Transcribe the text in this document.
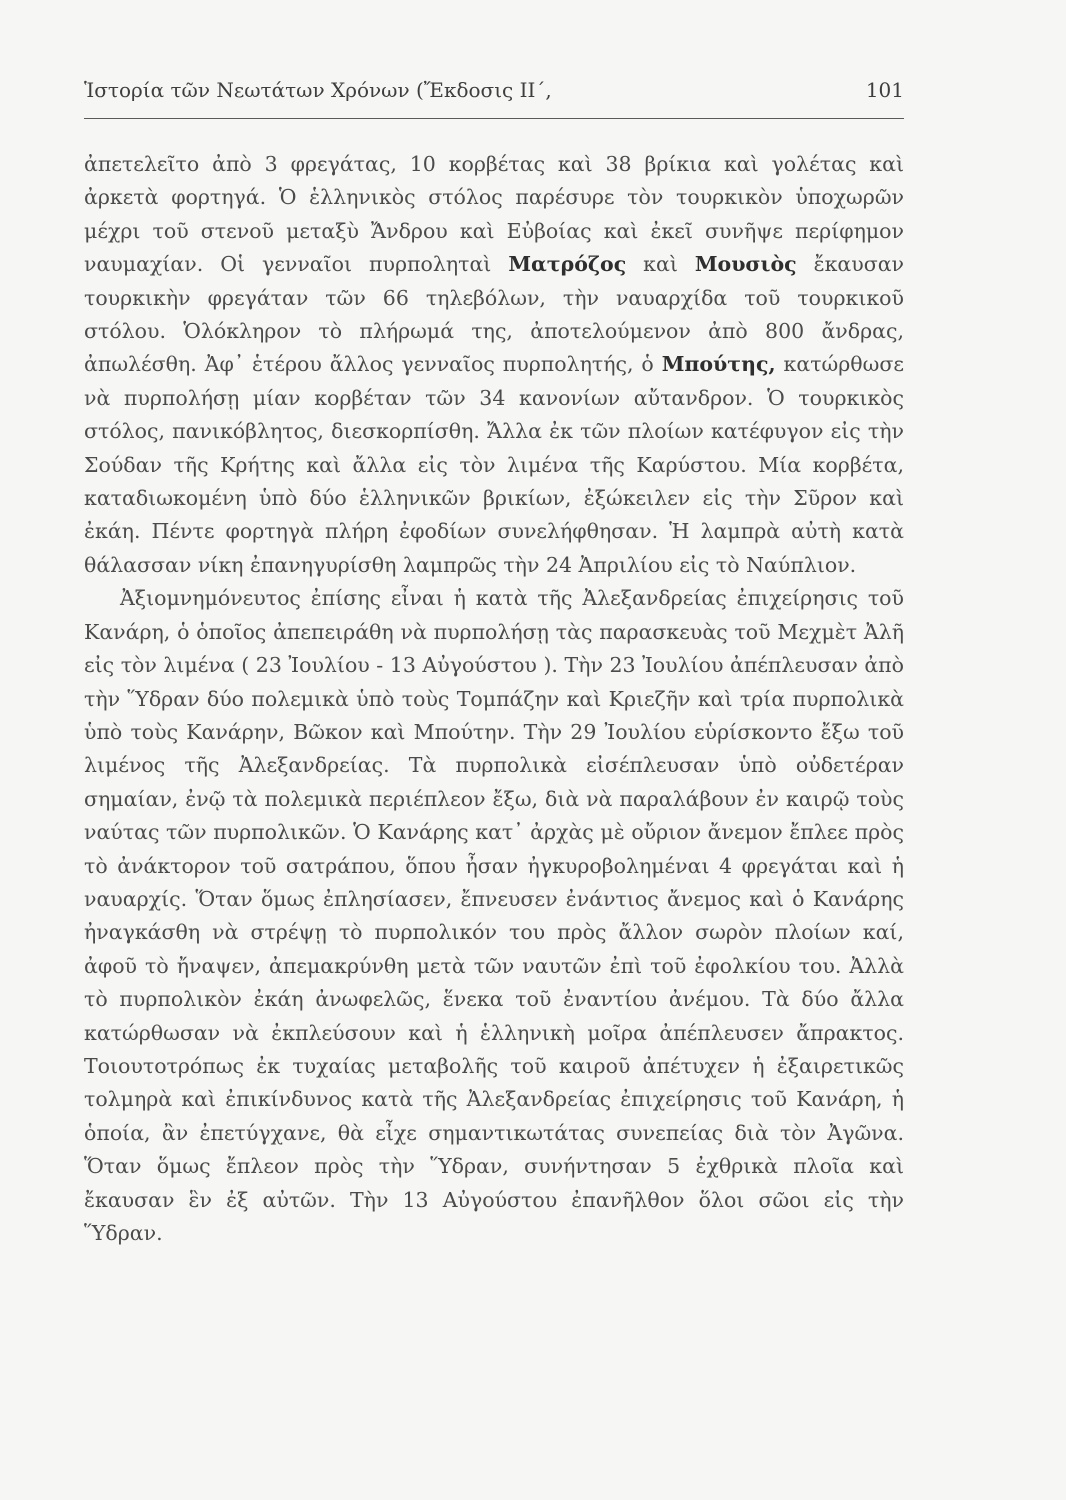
Ἱστορία τῶν Νεωτάτων Χρόνων (Ἔκδοσις II΄,	101

ἀπετελεῖτο ἀπὸ 3 φρεγάτας, 10 κορβέτας καὶ 38 βρίκια καὶ γολέτας καὶ ἀρκετὰ φορτηγά. Ὁ ἑλληνικὸς στόλος παρέσυρε τὸν τουρκικὸν ὑποχωρῶν μέχρι τοῦ στενοῦ μεταξὺ Ἄνδρου καὶ Εὐβοίας καὶ ἐκεῖ συνῆψε περίφημον ναυμαχίαν. Οἱ γενναῖοι πυρποληταὶ Ματρόζος καὶ Μουσιὸς ἔκαυσαν τουρκικὴν φρεγάταν τῶν 66 τηλεβόλων, τὴν ναυαρχίδα τοῦ τουρκικοῦ στόλου. Ὁλόκληρον τὸ πλήρωμά της, ἀποτελούμενον ἀπὸ 800 ἄνδρας, ἀπωλέσθη. Ἀφ᾽ ἑτέρου ἄλλος γενναῖος πυρπολητής, ὁ Μπούτης, κατώρθωσε νὰ πυρπολήσῃ μίαν κορβέταν τῶν 34 κανονίων αὔτανδρον. Ὁ τουρκικὸς στόλος, πανικόβλητος, διεσκορπίσθη. Ἄλλα ἐκ τῶν πλοίων κατέφυγον εἰς τὴν Σούδαν τῆς Κρήτης καὶ ἄλλα εἰς τὸν λιμένα τῆς Καρύστου. Μία κορβέτα, καταδιωκομένη ὑπὸ δύο ἑλληνικῶν βρικίων, ἐξώκειλεν εἰς τὴν Σῦρον καὶ ἐκάη. Πέντε φορτηγὰ πλήρη ἐφοδίων συνελήφθησαν. Ἡ λαμπρὰ αὐτὴ κατὰ θάλασσαν νίκη ἐπανηγυρίσθη λαμπρῶς τὴν 24 Ἀπριλίου εἰς τὸ Ναύπλιον.

Ἀξιομνημόνευτος ἐπίσης εἶναι ἡ κατὰ τῆς Ἀλεξανδρείας ἐπιχείρησις τοῦ Κανάρη, ὁ ὁποῖος ἀπεπειράθη νὰ πυρπολήσῃ τὰς παρασκευὰς τοῦ Μεχμὲτ Ἀλῆ εἰς τὸν λιμένα ( 23 Ἰουλίου - 13 Αὐγούστου ). Τὴν 23 Ἰουλίου ἀπέπλευσαν ἀπὸ τὴν Ὕδραν δύο πολεμικὰ ὑπὸ τοὺς Τομπάζην καὶ Κριεζῆν καὶ τρία πυρπολικὰ ὑπὸ τοὺς Κανάρην, Βῶκον καὶ Μπούτην. Τὴν 29 Ἰουλίου εὑρίσκοντο ἔξω τοῦ λιμένος τῆς Ἀλεξανδρείας. Τὰ πυρπολικὰ εἰσέπλευσαν ὑπὸ οὐδετέραν σημαίαν, ἐνῷ τὰ πολεμικὰ περιέπλεον ἔξω, διὰ νὰ παραλάβουν ἐν καιρῷ τοὺς ναύτας τῶν πυρπολικῶν. Ὁ Κανάρης κατ᾽ ἀρχὰς μὲ οὔριον ἄνεμον ἔπλεε πρὸς τὸ ἀνάκτορον τοῦ σατράπου, ὅπου ἦσαν ἠγκυροβολημέναι 4 φρεγάται καὶ ἡ ναυαρχίς. Ὅταν ὅμως ἐπλησίασεν, ἔπνευσεν ἐνάντιος ἄνεμος καὶ ὁ Κανάρης ἠναγκάσθη νὰ στρέψῃ τὸ πυρπολικόν του πρὸς ἄλλον σωρὸν πλοίων καί, ἀφοῦ τὸ ἤναψεν, ἀπεμακρύνθη μετὰ τῶν ναυτῶν ἐπὶ τοῦ ἐφολκίου του. Ἀλλὰ τὸ πυρπολικὸν ἐκάη ἀνωφελῶς, ἕνεκα τοῦ ἐναντίου ἀνέμου. Τὰ δύο ἄλλα κατώρθωσαν νὰ ἐκπλεύσουν καὶ ἡ ἑλληνικὴ μοῖρα ἀπέπλευσεν ἄπρακτος. Τοιουτοτρόπως ἐκ τυχαίας μεταβολῆς τοῦ καιροῦ ἀπέτυχεν ἡ ἐξαιρετικῶς τολμηρὰ καὶ ἐπικίνδυνος κατὰ τῆς Ἀλεξανδρείας ἐπιχείρησις τοῦ Κανάρη, ἡ ὁποία, ἂν ἐπετύγχανε, θὰ εἶχε σημαντικωτάτας συνεπείας διὰ τὸν Ἀγῶνα. Ὅταν ὅμως ἔπλεον πρὸς τὴν Ὕδραν, συνήντησαν 5 ἐχθρικὰ πλοῖα καὶ ἔκαυσαν ἓν ἐξ αὐτῶν. Τὴν 13 Αὐγούστου ἐπανῆλθον ὅλοι σῶοι εἰς τὴν Ὕδραν.
